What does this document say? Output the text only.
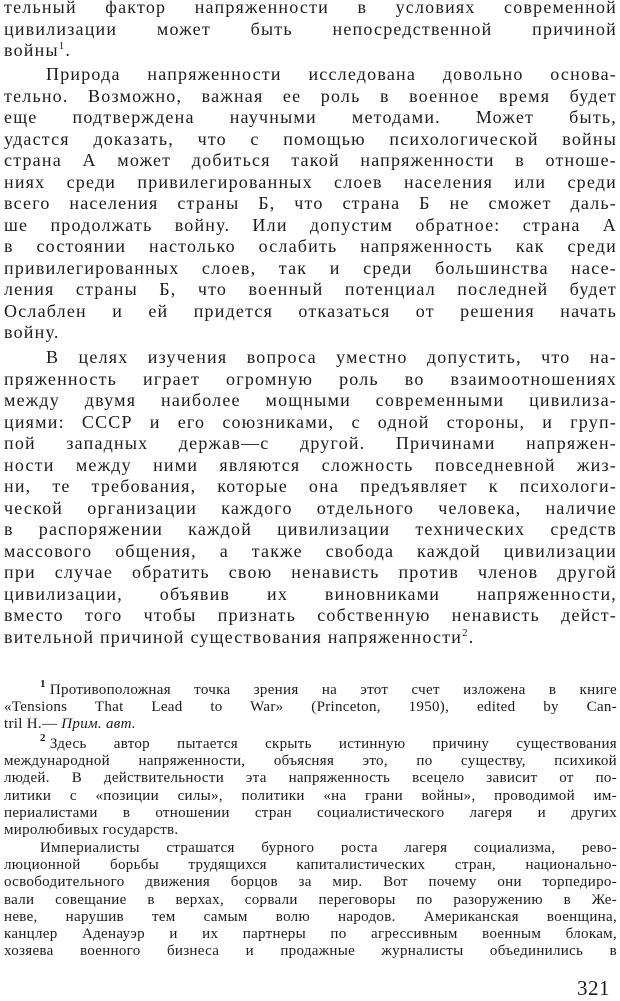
тельный фактор напряженности в условиях современной
цивилизации может быть непосредственной причиной
войны$^1$.
Природа напряженности исследована довольно основа-
тельно. Возможно, важная ее роль в военное время будет
еще подтверждена научными методами. Может быть,
удастся доказать, что с помощью психологической войны
страна А может добиться такой напряженности в отноше-
ниях среди привилегированных слоев населения или среди
всего населения страны Б, что страна Б не сможет даль-
ше продолжать войну. Или допустим обратное: страна А
в состоянии настолько ослабить напряженность как среди
привилегированных слоев, так и среди большинства насе-
ления страны Б, что военный потенциал последней будет
Ослаблен и ей придется отказаться от решения начать
войну.
В целях изучения вопроса уместно допустить, что на-
пряженность играет огромную роль во взаимоотношениях
между двумя наиболее мощными современными цивилиза-
циями: СССР и его союзниками, с одной стороны, и груп-
пой западных держав—с другой. Причинами напряжен-
ности между ними являются сложность повседневной жиз-
ни, те требования, которые она предъявляет к психологи-
ческой организации каждого отдельного человека, наличие
в распоряжении каждой цивилизации технических средств
массового общения, а также свобода каждой цивилизации
при случае обратить свою ненависть против членов другой
цивилизации, объявив их виновниками напряженности,
вместо того чтобы признать собственную ненависть дейст-
вительной причиной существования напряженности$^2$.
$^1$ Противоположная точка зрения на этот счет изложена в книге
«Tensions That Lead to War» (Princeton, 1950), edited by Can-
tril H.— Прим. авт.
$^2$ Здесь автор пытается скрыть истинную причину существования
международной напряженности, объясняя это, по существу, психикой
людей. В действительности эта напряженность всецело зависит от по-
литики с «позиции силы», политики «на грани войны», проводимой им-
периалистами в отношении стран социалистического лагеря и других
миролюбивых государств.
Империалисты страшатся бурного роста лагеря социализма, рево-
люционной борьбы трудящихся капиталистических стран, национально-
освободительного движения борцов за мир. Вот почему они торпедиро-
вали совещание в верхах, сорвали переговоры по разоружению в Же-
неве, нарушив тем самым волю народов. Американская военщина,
канцлер Аденауэр и их партнеры по агрессивным военным блокам,
хозяева военного бизнеса и продажные журналисты объединились в
321
